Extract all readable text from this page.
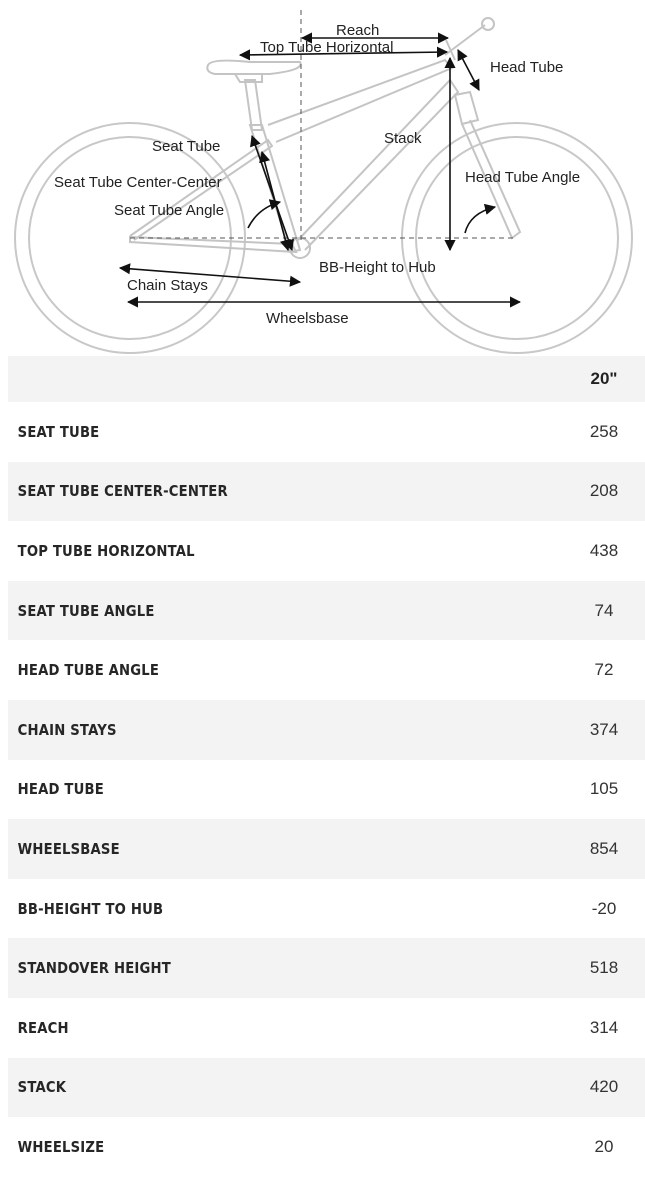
Reach
Top Tube Horizontal
Head Tube
Stack
Seat Tube
Seat Tube Center-Center	Head Tube Angle
Seat Tube Angle
BB-Height to Hub
Chain Stays
Wheelsbase
20"
SEAT TUBE	258
SEAT TUBE CENTER-CENTER	208
TOP TUBE HORIZONTAL	438
SEAT TUBE ANGLE	74
HEAD TUBE ANGLE	72
CHAIN STAYS	374
HEAD TUBE	105
WHEELSBASE	854
BB-HEIGHT TO HUB	-20
STANDOVER HEIGHT	518
REACH	314
STACK	420
WHEELSIZE	20
